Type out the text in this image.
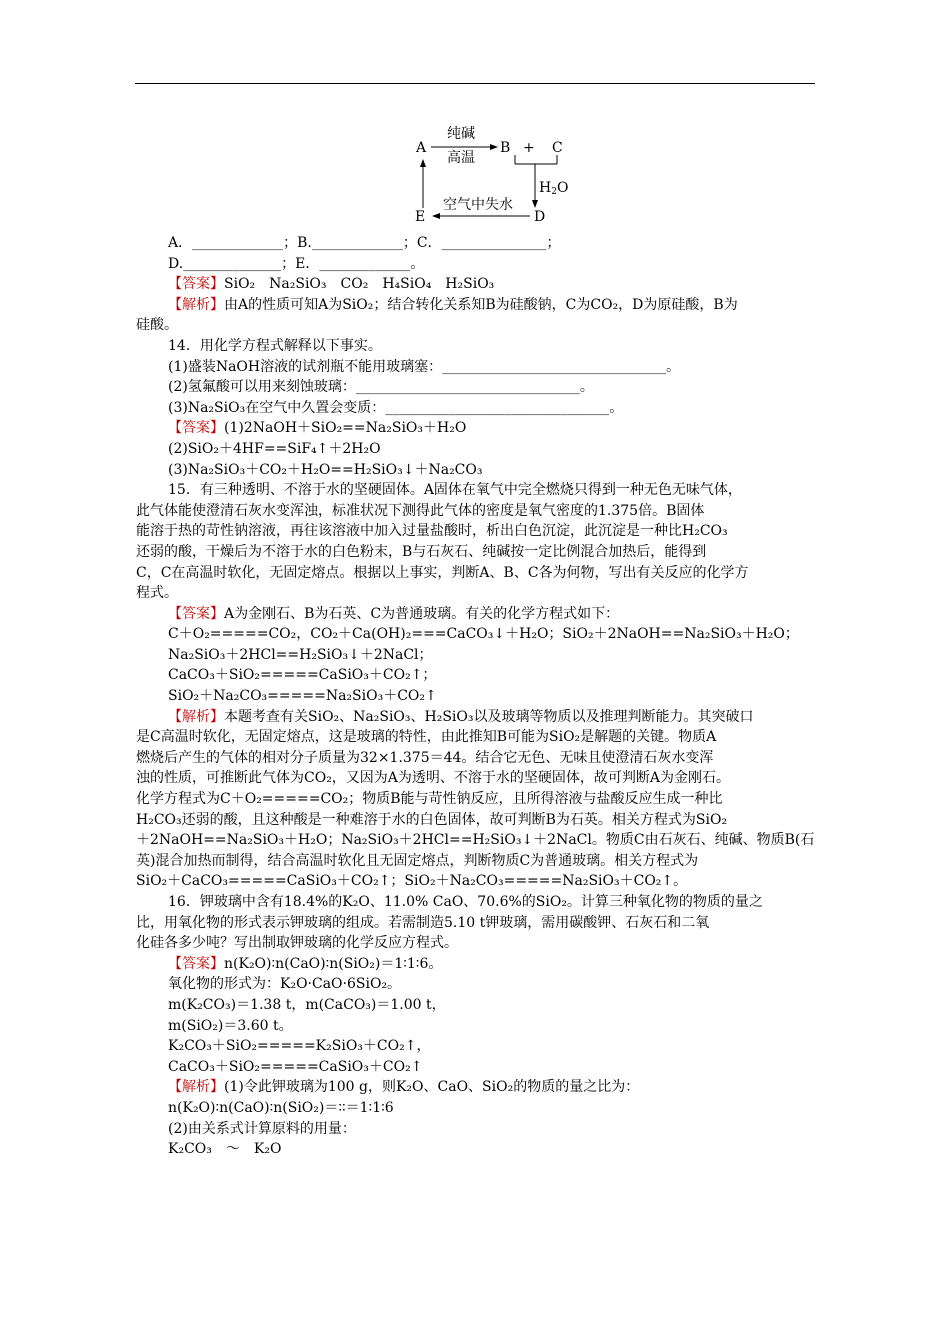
A
纯碱
高温
B + C
$H_2O$
空气中失水
E	D
A．_____________；B._____________；C．_______________；
D.______________；E．_____________。
【答案】SiO₂　Na₂SiO₃　CO₂　H₄SiO₄　H₂SiO₃
【解析】由A的性质可知A为SiO₂；结合转化关系知B为硅酸钠，C为CO₂，D为原硅酸，B为
硅酸。
14．用化学方程式解释以下事实。
(1)盛装NaOH溶液的试剂瓶不能用玻璃塞：________________________________。
(2)氢氟酸可以用来刻蚀玻璃：________________________________。
(3)Na₂SiO₃在空气中久置会变质：________________________________。
【答案】(1)2NaOH＋SiO₂==Na₂SiO₃＋H₂O
(2)SiO₂＋4HF==SiF₄↑＋2H₂O
(3)Na₂SiO₃＋CO₂＋H₂O==H₂SiO₃↓＋Na₂CO₃
15．有三种透明、不溶于水的坚硬固体。A固体在氧气中完全燃烧只得到一种无色无味气体，
此气体能使澄清石灰水变浑浊，标准状况下测得此气体的密度是氧气密度的1.375倍。B固体
能溶于热的苛性钠溶液，再往该溶液中加入过量盐酸时，析出白色沉淀，此沉淀是一种比H₂CO₃
还弱的酸，干燥后为不溶于水的白色粉末，B与石灰石、纯碱按一定比例混合加热后，能得到
C，C在高温时软化，无固定熔点。根据以上事实，判断A、B、C各为何物，写出有关反应的化学方
程式。
【答案】A为金刚石、B为石英、C为普通玻璃。有关的化学方程式如下：
C＋O₂=====CO₂，CO₂＋Ca(OH)₂===CaCO₃↓＋H₂O；SiO₂＋2NaOH==Na₂SiO₃＋H₂O；
Na₂SiO₃＋2HCl==H₂SiO₃↓＋2NaCl；
CaCO₃＋SiO₂=====CaSiO₃＋CO₂↑；
SiO₂＋Na₂CO₃=====Na₂SiO₃＋CO₂↑
【解析】本题考查有关SiO₂、Na₂SiO₃、H₂SiO₃以及玻璃等物质以及推理判断能力。其突破口
是C高温时软化，无固定熔点，这是玻璃的特性，由此推知B可能为SiO₂是解题的关键。物质A
燃烧后产生的气体的相对分子质量为32×1.375＝44。结合它无色、无味且使澄清石灰水变浑
浊的性质，可推断此气体为CO₂，又因为A为透明、不溶于水的坚硬固体，故可判断A为金刚石。
化学方程式为C＋O₂=====CO₂；物质B能与苛性钠反应，且所得溶液与盐酸反应生成一种比
H₂CO₃还弱的酸，且这种酸是一种难溶于水的白色固体，故可判断B为石英。相关方程式为SiO₂
＋2NaOH==Na₂SiO₃＋H₂O；Na₂SiO₃＋2HCl==H₂SiO₃↓＋2NaCl。物质C由石灰石、纯碱、物质B(石
英)混合加热而制得，结合高温时软化且无固定熔点，判断物质C为普通玻璃。相关方程式为
SiO₂＋CaCO₃=====CaSiO₃＋CO₂↑；SiO₂＋Na₂CO₃=====Na₂SiO₃＋CO₂↑。
16．钾玻璃中含有18.4%的K₂O、11.0% CaO、70.6%的SiO₂。计算三种氧化物的物质的量之
比，用氧化物的形式表示钾玻璃的组成。若需制造5.10 t钾玻璃，需用碳酸钾、石灰石和二氧
化硅各多少吨？写出制取钾玻璃的化学反应方程式。
【答案】n(K₂O)∶n(CaO)∶n(SiO₂)＝1∶1∶6。
氧化物的形式为：K₂O·CaO·6SiO₂。
m(K₂CO₃)＝1.38 t，m(CaCO₃)＝1.00 t，
m(SiO₂)＝3.60 t。
K₂CO₃＋SiO₂=====K₂SiO₃＋CO₂↑，
CaCO₃＋SiO₂=====CaSiO₃＋CO₂↑
【解析】(1)令此钾玻璃为100 g，则K₂O、CaO、SiO₂的物质的量之比为：
n(K₂O)∶n(CaO)∶n(SiO₂)＝∶∶＝1∶1∶6
(2)由关系式计算原料的用量：
K₂CO₃　～　K₂O
